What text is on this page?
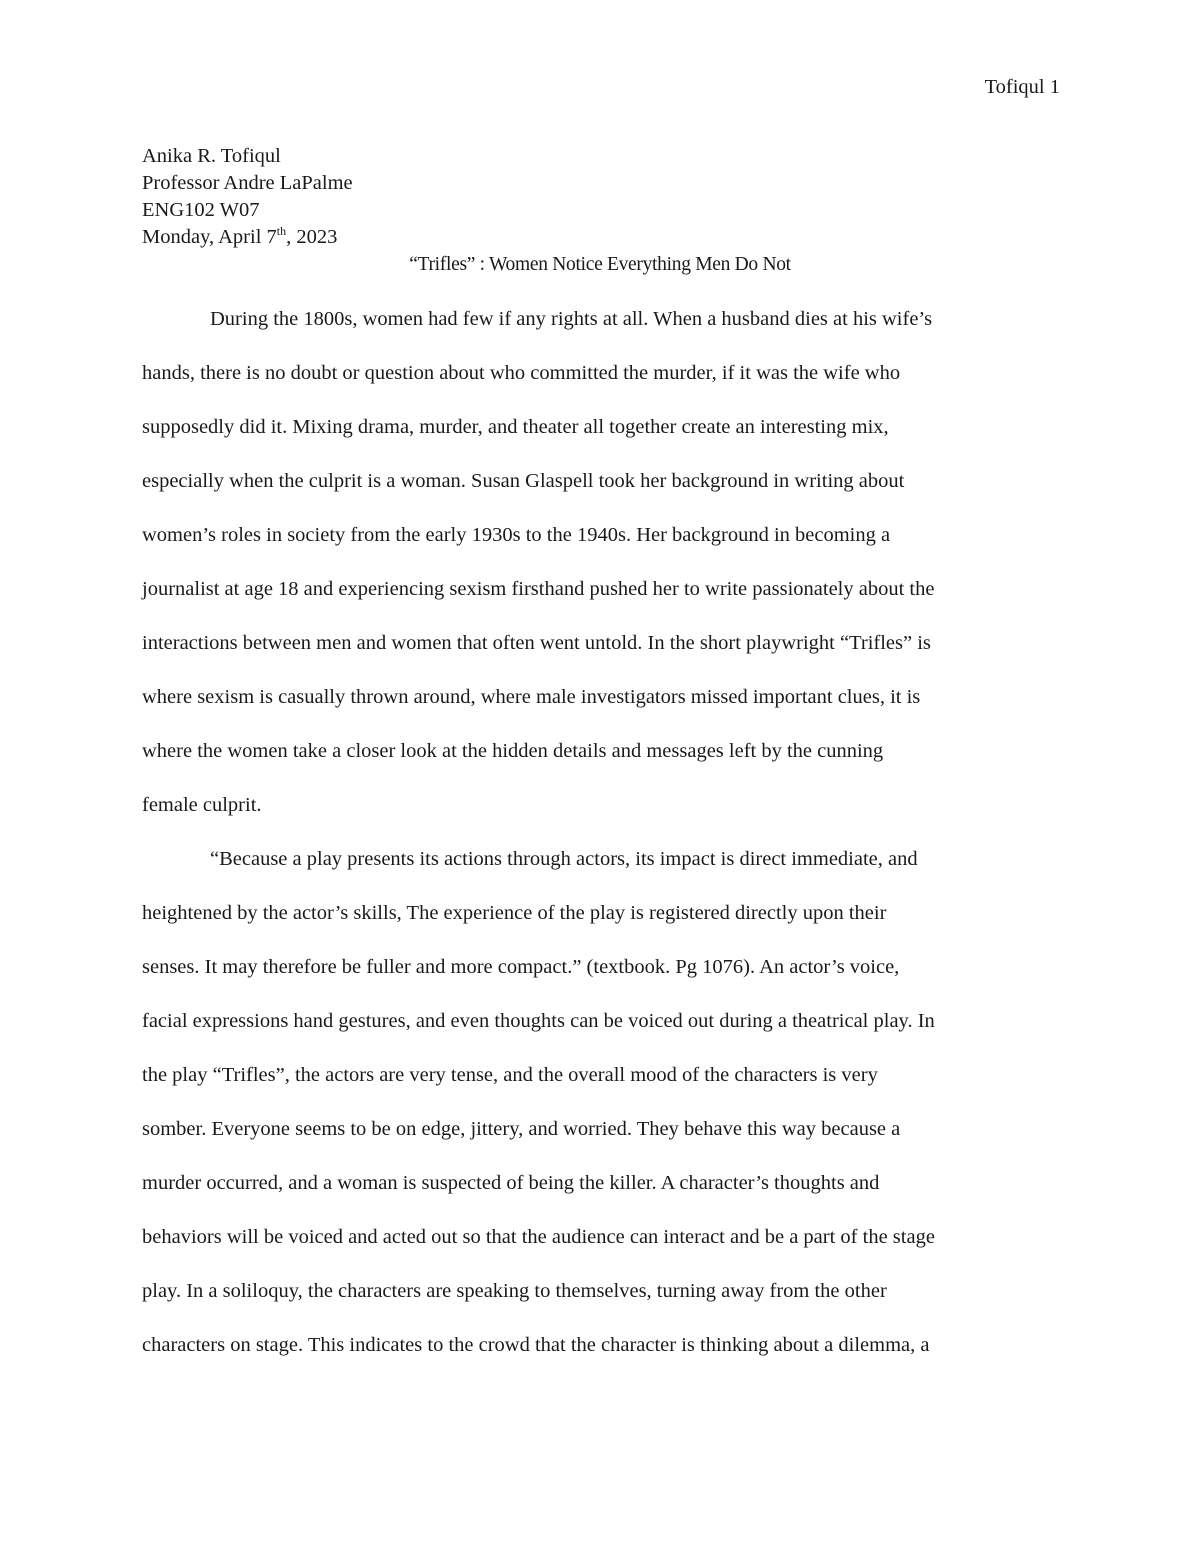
Tofiqul 1
Anika R. Tofiqul
Professor Andre LaPalme
ENG102 W07
Monday, April 7th, 2023
“Trifles” : Women Notice Everything Men Do Not
During the 1800s, women had few if any rights at all. When a husband dies at his wife’s
hands, there is no doubt or question about who committed the murder, if it was the wife who
supposedly did it. Mixing drama, murder, and theater all together create an interesting mix,
especially when the culprit is a woman. Susan Glaspell took her background in writing about
women’s roles in society from the early 1930s to the 1940s. Her background in becoming a
journalist at age 18 and experiencing sexism firsthand pushed her to write passionately about the
interactions between men and women that often went untold. In the short playwright “Trifles” is
where sexism is casually thrown around, where male investigators missed important clues, it is
where the women take a closer look at the hidden details and messages left by the cunning
female culprit.
“Because a play presents its actions through actors, its impact is direct immediate, and
heightened by the actor’s skills, The experience of the play is registered directly upon their
senses. It may therefore be fuller and more compact.” (textbook. Pg 1076). An actor’s voice,
facial expressions hand gestures, and even thoughts can be voiced out during a theatrical play. In
the play “Trifles”, the actors are very tense, and the overall mood of the characters is very
somber. Everyone seems to be on edge, jittery, and worried. They behave this way because a
murder occurred, and a woman is suspected of being the killer. A character’s thoughts and
behaviors will be voiced and acted out so that the audience can interact and be a part of the stage
play. In a soliloquy, the characters are speaking to themselves, turning away from the other
characters on stage. This indicates to the crowd that the character is thinking about a dilemma, a
